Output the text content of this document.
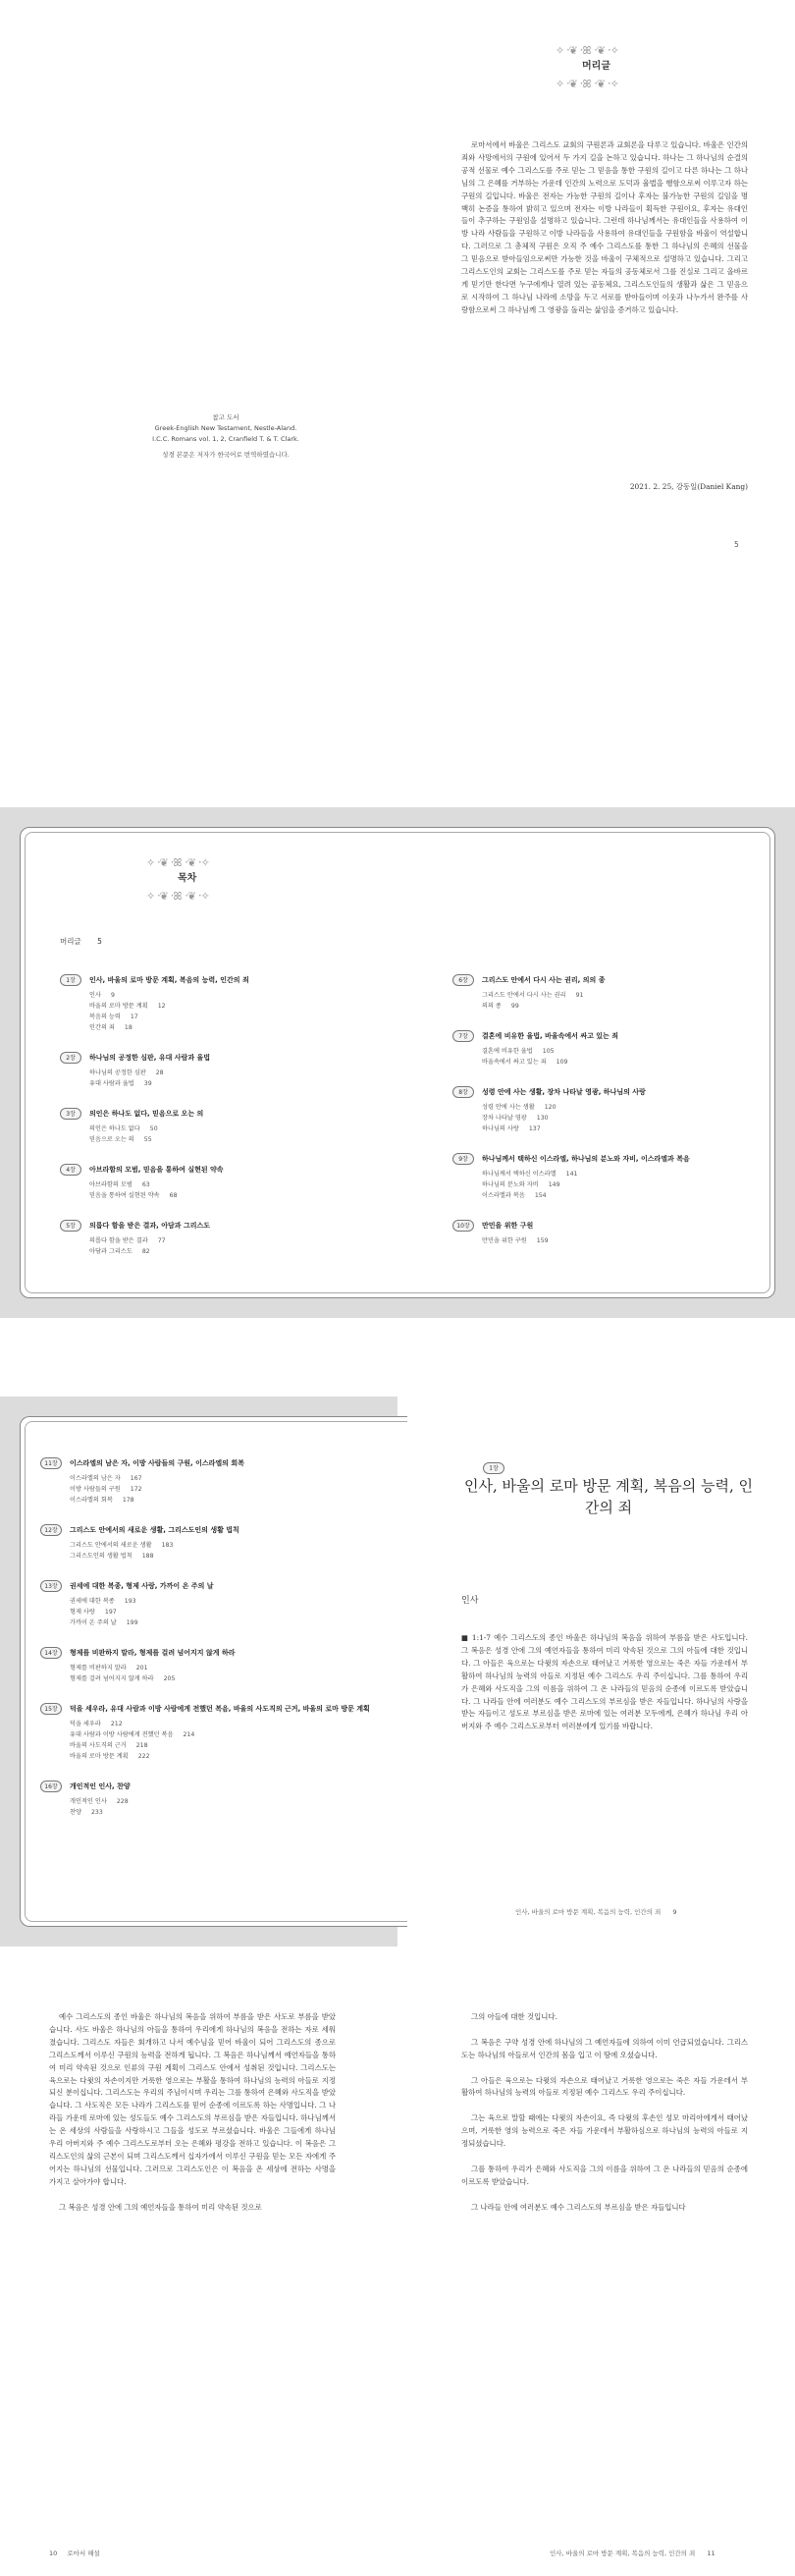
✧᠂❦᠂ꕤ᠂❦᠂✧
머리글
✧᠂❦᠂ꕤ᠂❦᠂✧

참고 도서

Greek-English New Testament, Nestle-Aland.

I.C.C. Romans vol. 1, 2, Cranfield T. & T. Clark.

성경 본문은 저자가 한국어로 번역하였습니다.

로마서에서 바울은 그리스도 교회의 구원론과 교회론을 다루고 있습니다. 바울은 인간의 죄와 사망에서의 구원에 있어서 두 가지 길을 논하고 있습니다. 하나는 그 하나님의 순결의 공적 선물로 예수 그리스도를 주로 믿는 그 믿음을 통한 구원의 길이고 다른 하나는 그 하나님의 그 은혜를 거부하는 가운데 인간의 노력으로 도덕과 율법을 행함으로써 이루고자 하는 구원의 길입니다. 바울은 전자는 가능한 구원의 길이나 후자는 불가능한 구원의 길임을 명백히 논증을 통하여 밝히고 있으며 전자는 이방 나라들이 획득한 구원이요, 후자는 유대인들이 추구하는 구원임을 설명하고 있습니다. 그런데 하나님께서는 유대인들을 사용하여 이방 나라 사람들을 구원하고 이방 나라들을 사용하여 유대인들을 구원함을 바울이 역설합니다. 그러므로 그 총체적 구원은 오직 주 예수 그리스도를 통한 그 하나님의 은혜의 선물을 그 믿음으로 받아들임으로써만 가능한 것을 바울이 구체적으로 설명하고 있습니다. 그리고 그리스도인의 교회는 그리스도를 주로 믿는 자들의 공동체로서 그를 진실로 그리고 올바르게 믿기만 한다면 누구에게나 열려 있는 공동체요, 그리스도인들의 생활과 삶은 그 믿음으로 시작하여 그 하나님 나라에 소망을 두고 서로를 받아들이며 이웃과 나누가서 완주를 사랑함으로써 그 하나님께 그 영광을 돌리는 삶임을 증거하고 있습니다.
2021. 2. 25, 강동일(Daniel Kang)
5
✧᠂❦᠂ꕤ᠂❦᠂✧
목차
✧᠂❦᠂ꕤ᠂❦᠂✧
머리글 5
1장	인사, 바울의 로마 방문 계획, 복음의 능력, 인간의 죄
인사 9
바울의 로마 방문 계획 12
복음의 능력 17
인간의 죄 18
2장	하나님의 공정한 심판, 유대 사람과 율법
하나님의 공정한 심판 28
유대 사람과 율법 39
3장	의인은 하나도 없다, 믿음으로 오는 의
의인은 하나도 없다 50
믿음으로 오는 의 55
4장	아브라함의 모범, 믿음을 통하여 실현된 약속
아브라함의 모범 63
믿음을 통하여 실현된 약속 68
5장	의롭다 함을 받은 결과, 아담과 그리스도
의롭다 함을 받은 결과 77
아담과 그리스도 82
6장	그리스도 안에서 다시 사는 권리, 의의 종
그리스도 안에서 다시 사는 권리 91
의의 종 99
7장	결혼에 비유한 율법, 바울속에서 싸고 있는 죄
결혼에 비유한 율법 105
바울속에서 싸고 있는 죄 109
8장	성령 안에 사는 생활, 장차 나타날 영광, 하나님의 사랑
성령 안에 사는 생활 120
장차 나타날 영광 130
하나님의 사랑 137
9장	하나님께서 택하신 이스라엘, 하나님의 분노와 자비, 이스라엘과 복음
하나님께서 택하신 이스라엘 141
하나님의 분노와 자비 149
이스라엘과 복음 154
10장	만민을 위한 구원
만민을 위한 구원 159
11장	이스라엘의 남은 자, 이방 사람들의 구원, 이스라엘의 회복
이스라엘의 남은 자 167
이방 사람들의 구원 172
이스라엘의 회복 178
12장	그리스도 안에서의 새로운 생활, 그리스도인의 생활 법칙
그리스도 안에서의 새로운 생활 183
그리스도인의 생활 법칙 188
13장	권세에 대한 복종, 형제 사랑, 가까이 온 주의 날
권세에 대한 복종 193
형제 사랑 197
가까이 온 주의 날 199
14장	형제를 비판하지 말라, 형제를 걸려 넘어지지 않게 하라
형제를 비판하지 말라 201
형제를 걸려 넘어지지 않게 하라 205
15장	덕을 세우라, 유대 사람과 이방 사람에게 전했던 복음, 바울의 사도직의 근거, 바울의 로마 방문 계획
덕을 세우라 212
유대 사람과 이방 사람에게 전했던 복음 214
바울의 사도직의 근거 218
바울의 로마 방문 계획 222
16장	개인적인 인사, 찬양
개인적인 인사 228
찬양 233
1장
인사, 바울의 로마 방문 계획, 복음의 능력, 인간의 죄
인사
■ 1:1-7 예수 그리스도의 종인 바울은 하나님의 복음을 위하여 부름을 받은 사도입니다. 그 복음은 성경 안에 그의 예언자들을 통하여 미리 약속된 것으로 그의 아들에 대한 것입니다. 그 아들은 육으로는 다윗의 자손으로 태어났고 거룩한 영으로는 죽은 자들 가운데서 부활하여 하나님의 능력의 아들로 지정된 예수 그리스도 우리 주이십니다. 그를 통하여 우리가 은혜와 사도직을 그의 이름을 위하여 그 온 나라들의 믿음의 순종에 이르도록 받았습니다. 그 나라들 안에 여러분도 예수 그리스도의 부르심을 받은 자들입니다. 하나님의 사랑을 받는 자들이고 성도로 부르심을 받은 로마에 있는 여러분 모두에게, 은혜가 하나님 우리 아버지와 주 예수 그리스도로부터 여러분에게 있기를 바랍니다.
인사, 바울의 로마 방문 계획, 복음의 능력, 인간의 죄 9

예수 그리스도의 종인 바울은 하나님의 복음을 위하여 부름을 받은 사도로 부름을 받았습니다. 사도 바울은 하나님의 아들을 통하여 우리에게 하나님의 복음을 전하는 자로 세워졌습니다. 그리스도 자들은 회개하고 나서 예수님을 믿어 바울이 되어 그리스도의 종으로 그리스도께서 이루신 구원의 능력을 전하게 됩니다. 그 복음은 하나님께서 예언자들을 통하여 미리 약속된 것으로 인류의 구원 계획이 그리스도 안에서 성취된 것입니다. 그리스도는 육으로는 다윗의 자손이지만 거룩한 영으로는 부활을 통하여 하나님의 능력의 아들로 지정되신 분이십니다. 그리스도는 우리의 주님이시며 우리는 그를 통하여 은혜와 사도직을 받았습니다. 그 사도직은 모든 나라가 그리스도를 믿어 순종에 이르도록 하는 사명입니다. 그 나라들 가운데 로마에 있는 성도들도 예수 그리스도의 부르심을 받은 자들입니다. 하나님께서는 온 세상의 사람들을 사랑하시고 그들을 성도로 부르셨습니다. 바울은 그들에게 하나님 우리 아버지와 주 예수 그리스도로부터 오는 은혜와 평강을 전하고 있습니다. 이 복음은 그리스도인의 삶의 근본이 되며 그리스도께서 십자가에서 이루신 구원을 믿는 모든 자에게 주어지는 하나님의 선물입니다. 그러므로 그리스도인은 이 복음을 온 세상에 전하는 사명을 가지고 살아가야 합니다.

그 복음은 성경 안에 그의 예언자들을 통하여 미리 약속된 것으로

그의 아들에 대한 것입니다.

그 복음은 구약 성경 안에 하나님의 그 예언자들에 의하여 이미 언급되었습니다. 그리스도는 하나님의 아들로서 인간의 몸을 입고 이 땅에 오셨습니다.

그 아들은 육으로는 다윗의 자손으로 태어났고 거룩한 영으로는 죽은 자들 가운데서 부활하여 하나님의 능력의 아들로 지정된 예수 그리스도 우리 주이십니다.

그는 육으로 말할 때에는 다윗의 자손이요, 즉 다윗의 후손인 성모 마리아에게서 태어났으며, 거룩한 영의 능력으로 죽은 자들 가운데서 부활하심으로 하나님의 능력의 아들로 지정되셨습니다.

그를 통하여 우리가 은혜와 사도직을 그의 이름을 위하여 그 온 나라들의 믿음의 순종에 이르도록 받았습니다.

그 나라들 안에 여러분도 예수 그리스도의 부르심을 받은 자들입니다

10 로마서 해설	인사, 바울의 로마 방문 계획, 복음의 능력, 인간의 죄 11
